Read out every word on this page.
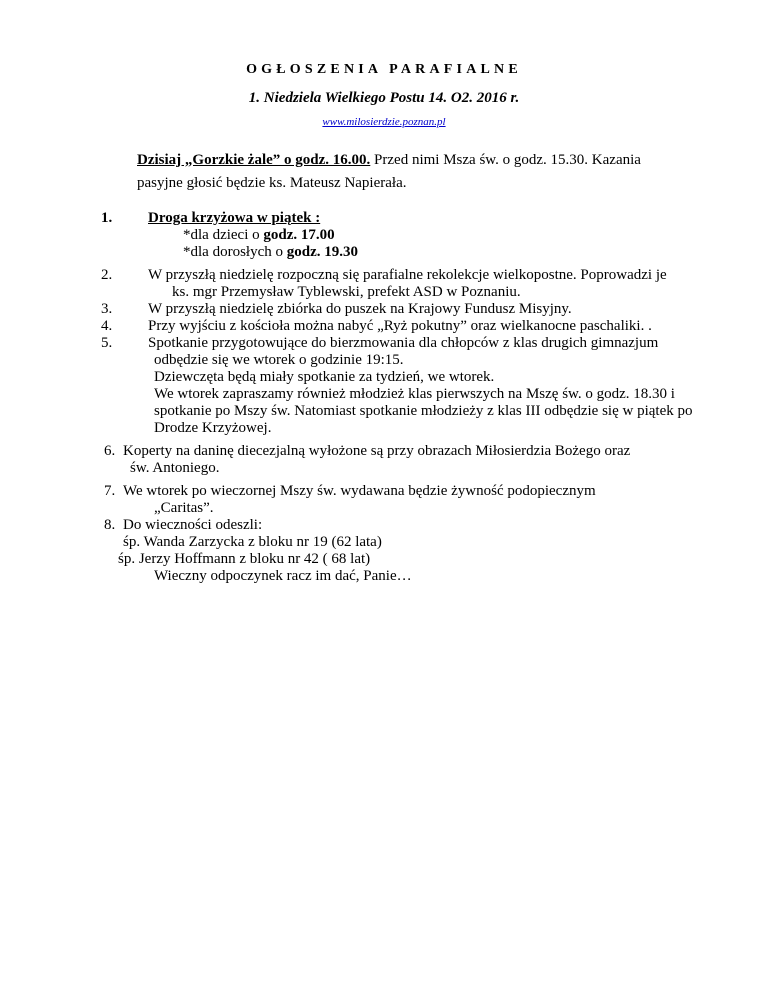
OGŁOSZENIA PARAFIALNE
1. Niedziela Wielkiego Postu 14. O2. 2016 r.
www.milosierdzie.poznan.pl
Dzisiaj „Gorzkie żale” o godz. 16.00. Przed nimi Msza św. o godz. 15.30. Kazania
pasyjne głosić będzie ks. Mateusz Napierała.
1. Droga krzyżowa w piątek :
*dla dzieci o godz. 17.00
*dla dorosłych o godz. 19.30
2. W przyszłą niedzielę rozpoczną się parafialne rekolekcje wielkopostne. Poprowadzi je
ks. mgr Przemysław Tyblewski, prefekt ASD w Poznaniu.
3. W przyszłą niedzielę zbiórka do puszek na Krajowy Fundusz Misyjny.
4. Przy wyjściu z kościoła można nabyć „Ryż pokutny” oraz wielkanocne paschaliki. .
5. Spotkanie przygotowujące do bierzmowania dla chłopców z klas drugich gimnazjum
odbędzie się we wtorek o godzinie 19:15.
Dziewczęta będą miały spotkanie za tydzień, we wtorek.
We wtorek zapraszamy również młodzież klas pierwszych na Mszę św. o godz. 18.30 i
spotkanie po Mszy św. Natomiast spotkanie młodzieży z klas III odbędzie się w piątek po
Drodze Krzyżowej.
6. Koperty na daninę diecezjalną wyłożone są przy obrazach Miłosierdzia Bożego oraz
św. Antoniego.
7. We wtorek po wieczornej Mszy św. wydawana będzie żywność podopiecznym
„Caritas”.
8. Do wieczności odeszli:
śp. Wanda Zarzycka z bloku nr 19 (62 lata)
śp. Jerzy Hoffmann z bloku nr 42 ( 68 lat)
Wieczny odpoczynek racz im dać, Panie…
